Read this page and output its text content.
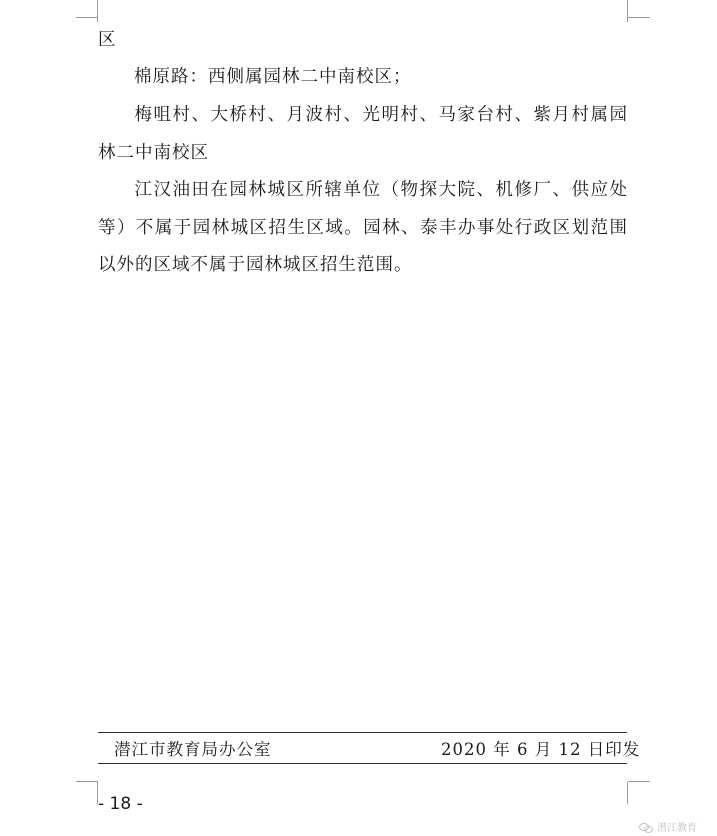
区

棉原路：西侧属园林二中南校区；

梅咀村、大桥村、月波村、光明村、马家台村、紫月村属园林二中南校区

江汉油田在园林城区所辖单位（物探大院、机修厂、供应处等）不属于园林城区招生区域。园林、泰丰办事处行政区划范围以外的区域不属于园林城区招生范围。

潜江市教育局办公室	2020 年 6 月 12 日印发
- 18 -
潜江教育
